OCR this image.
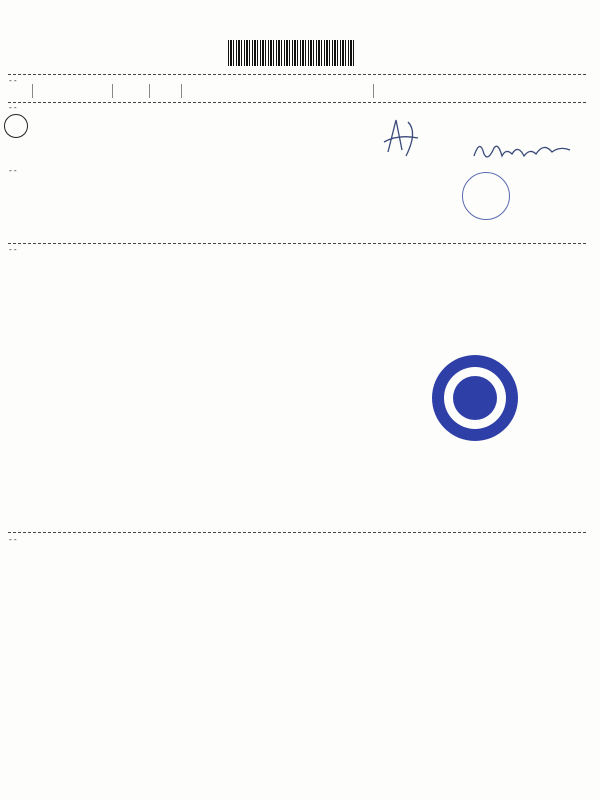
--
--
--
--
--
